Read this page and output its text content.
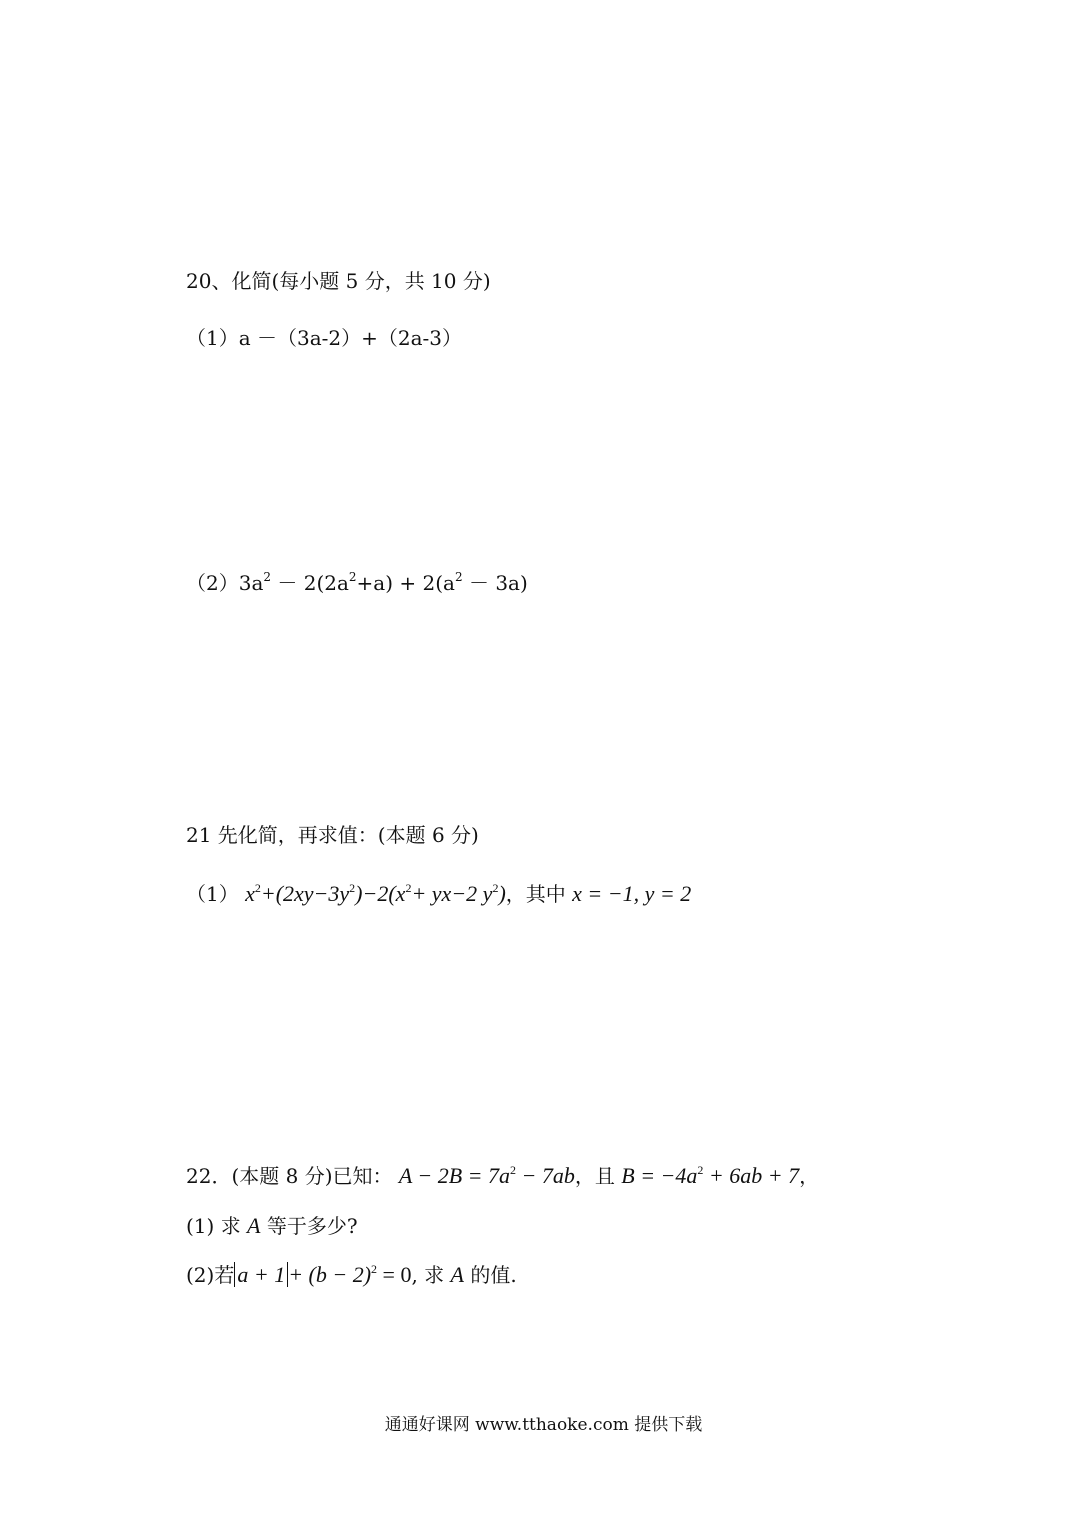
20、化简(每小题 5 分，共 10 分)
（1）a －（3a-2）+（2a-3）
$(2)3a^2 - 2(2a^2+a) + 2(a^2 - 3a)$
21 先化简，再求值：(本题 6 分)
（1） $x^2+(2xy-3y^2)-2(x^2+ yx-2$ $y^2$)，其中 x = −1, y = 2
22．(本题 8 分)已知： $A - 2B = 7a^2 - 7ab$，且 $B = -4a^2 + 6ab + 7$，
(1) 求 A 等于多少?
(2)若 $a + 1 + (b - 2)^2 = 0$, 求 A 的值.
通通好课网 www.tthaoke.com 提供下载
